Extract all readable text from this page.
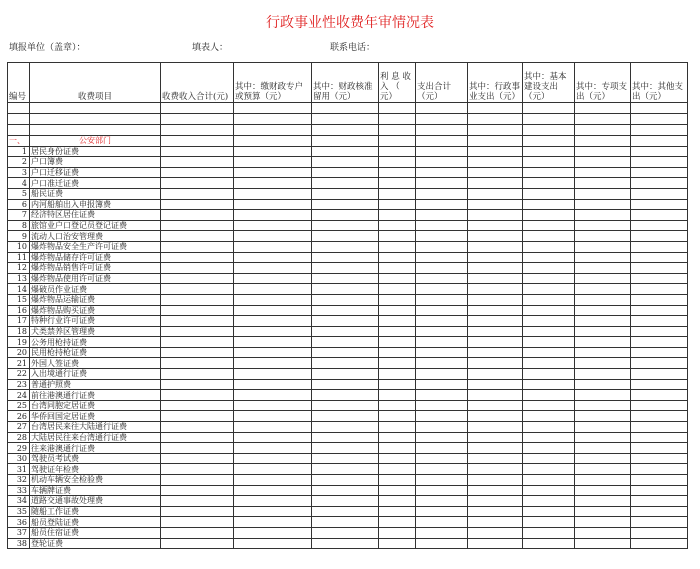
行政事业性收费年审情况表
填报单位（盖章）：	填表人：	联系电话：
编号	收费项目	收费收入合计(元)	其中：缴财政专户或预算（元）	其中：财政核准留用（元）	利 息 收入 （ 元）	支出合计（元）	其中：行政事业支出（元）	其中：基本建设支出（元）	其中：专项支出（元）	其中：其他支出（元）

一、	公安部门									
1	居民身份证费									
2	户口簿费									
3	户口迁移证费									
4	户口准迁证费									
5	船民证费									
6	内河船舶出入申报簿费									
7	经济特区居住证费									
8	旅馆业户口登记员登记证费									
9	流动人口治安管理费									
10	爆炸物品安全生产许可证费									
11	爆炸物品储存许可证费									
12	爆炸物品销售许可证费									
13	爆炸物品使用许可证费									
14	爆破员作业证费									
15	爆炸物品运输证费									
16	爆炸物品购买证费									
17	特种行业许可证费									
18	犬类禁养区管理费									
19	公务用枪持证费									
20	民用枪持枪证费									
21	外国人签证费									
22	入出境通行证费									
23	普通护照费									
24	前往港澳通行证费									
25	台湾同胞定居证费									
26	华侨回国定居证费									
27	台湾居民来往大陆通行证费									
28	大陆居民往来台湾通行证费									
29	往来港澳通行证费									
30	驾驶员考试费									
31	驾驶证年检费									
32	机动车辆安全检验费									
33	车辆牌证费									
34	道路交通事故处理费									
35	随船工作证费									
36	船员登陆证费									
37	船员住宿证费									
38	登轮证费									
